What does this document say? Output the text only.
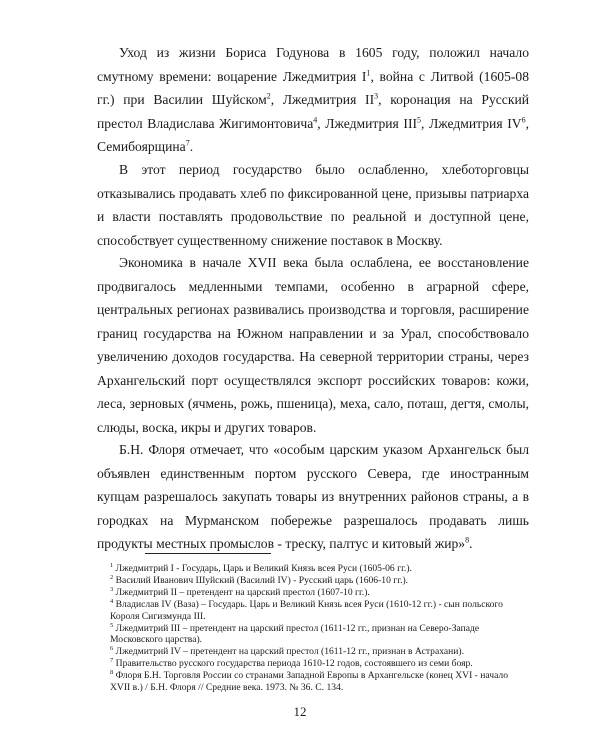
Уход из жизни Бориса Годунова в 1605 году, положил начало смутному времени: воцарение Лжедмитрия $I^1$, война с Литвой (1605-08 гг.) при Василии Шуйском$^2$, Лжедмитрия $II^3$, коронация на Русский престол Владислава Жигимонтовича$^4$, Лжедмитрия III$^5$, Лжедмитрия $IV^6$, Семибоярщина$^7$.
В этот период государство было ослабленно, хлеботорговцы отказывались продавать хлеб по фиксированной цене, призывы патриарха и власти поставлять продовольствие по реальной и доступной цене, способствует существенному снижение поставок в Москву.
Экономика в начале XVII века была ослаблена, ее восстановление продвигалось медленными темпами, особенно в аграрной сфере, центральных регионах развивались производства и торговля, расширение границ государства на Южном направлении и за Урал, способствовало увеличению доходов государства. На северной территории страны, через Архангельский порт осуществлялся экспорт российских товаров: кожи, леса, зерновых (ячмень, рожь, пшеница), меха, сало, поташ, дегтя, смолы, слюды, воска, икры и других товаров.
Б.Н. Флоря отмечает, что «особым царским указом Архангельск был объявлен единственным портом русского Севера, где иностранным купцам разрешалось закупать товары из внутренних районов страны, а в городках на Мурманском побережье разрешалось продавать лишь продукты местных промыслов - треску, палтус и китовый жир»$^8$.

$^1$ Лжедмитрий I - Государь, Царь и Великий Князь всея Руси (1605-06 гг.).

$^2$ Василий Иванович Шуйский (Василий IV) - Русский царь (1606-10 гг.).

$^3$ Лжедмитрий II – претендент на царский престол (1607-10 гг.).

$^4$ Владислав IV (Ваза) – Государь. Царь и Великий Князь всея Руси (1610-12 гг.) - сын польского Короля Сигизмунда III.

$^5$ Лжедмитрий III – претендент на царский престол (1611-12 гг., признан на Северо-Западе Московского царства).

$^6$ Лжедмитрий IV – претендент на царский престол (1611-12 гг., признан в Астрахани).

$^7$ Правительство русского государства периода 1610-12 годов, состоявшего из семи бояр.

$^8$ Флоря Б.Н. Торговля России со странами Западной Европы в Архангельске (конец XVI - начало XVII в.) / Б.Н. Флоря // Средние века. 1973. № 36. С. 134.

12
